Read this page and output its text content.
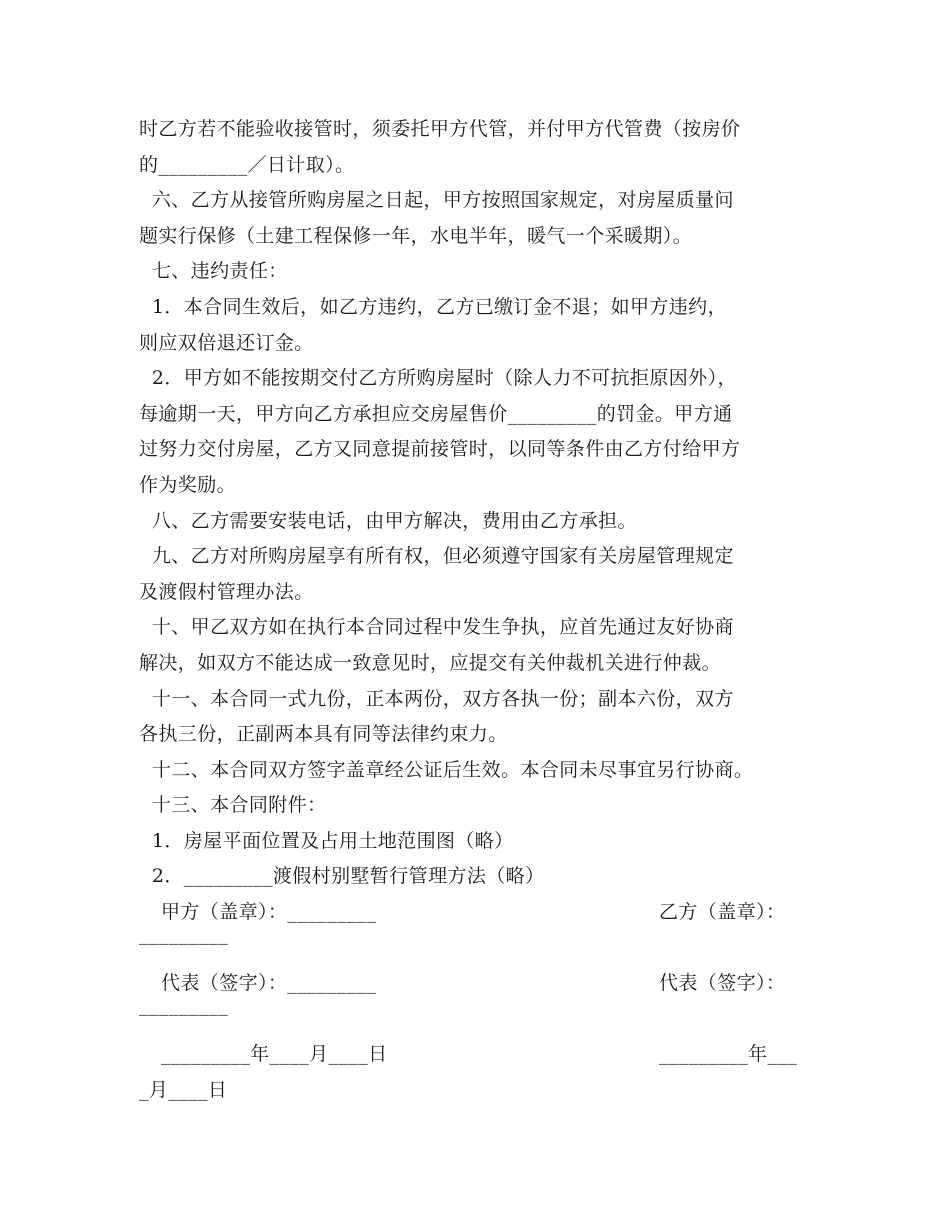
时乙方若不能验收接管时，须委托甲方代管，并付甲方代管费（按房价
的_________／日计取）。
六、乙方从接管所购房屋之日起，甲方按照国家规定，对房屋质量问
题实行保修（土建工程保修一年，水电半年，暖气一个采暖期）。
七、违约责任：
1．本合同生效后，如乙方违约，乙方已缴订金不退；如甲方违约，
则应双倍退还订金。
2．甲方如不能按期交付乙方所购房屋时（除人力不可抗拒原因外），
每逾期一天，甲方向乙方承担应交房屋售价_________的罚金。甲方通
过努力交付房屋，乙方又同意提前接管时，以同等条件由乙方付给甲方
作为奖励。
八、乙方需要安装电话，由甲方解决，费用由乙方承担。
九、乙方对所购房屋享有所有权，但必须遵守国家有关房屋管理规定
及渡假村管理办法。
十、甲乙双方如在执行本合同过程中发生争执，应首先通过友好协商
解决，如双方不能达成一致意见时，应提交有关仲裁机关进行仲裁。
十一、本合同一式九份，正本两份，双方各执一份；副本六份，双方
各执三份，正副两本具有同等法律约束力。
十二、本合同双方签字盖章经公证后生效。本合同未尽事宜另行协商。
十三、本合同附件：
1．房屋平面位置及占用土地范围图（略）
2．_________渡假村别墅暂行管理方法（略）

甲方（盖章）：_________

	乙方（盖章）：

_________

代表（签字）：_________

	代表（签字）：

_________

_________年____月____日

	_________年___

_月____日
